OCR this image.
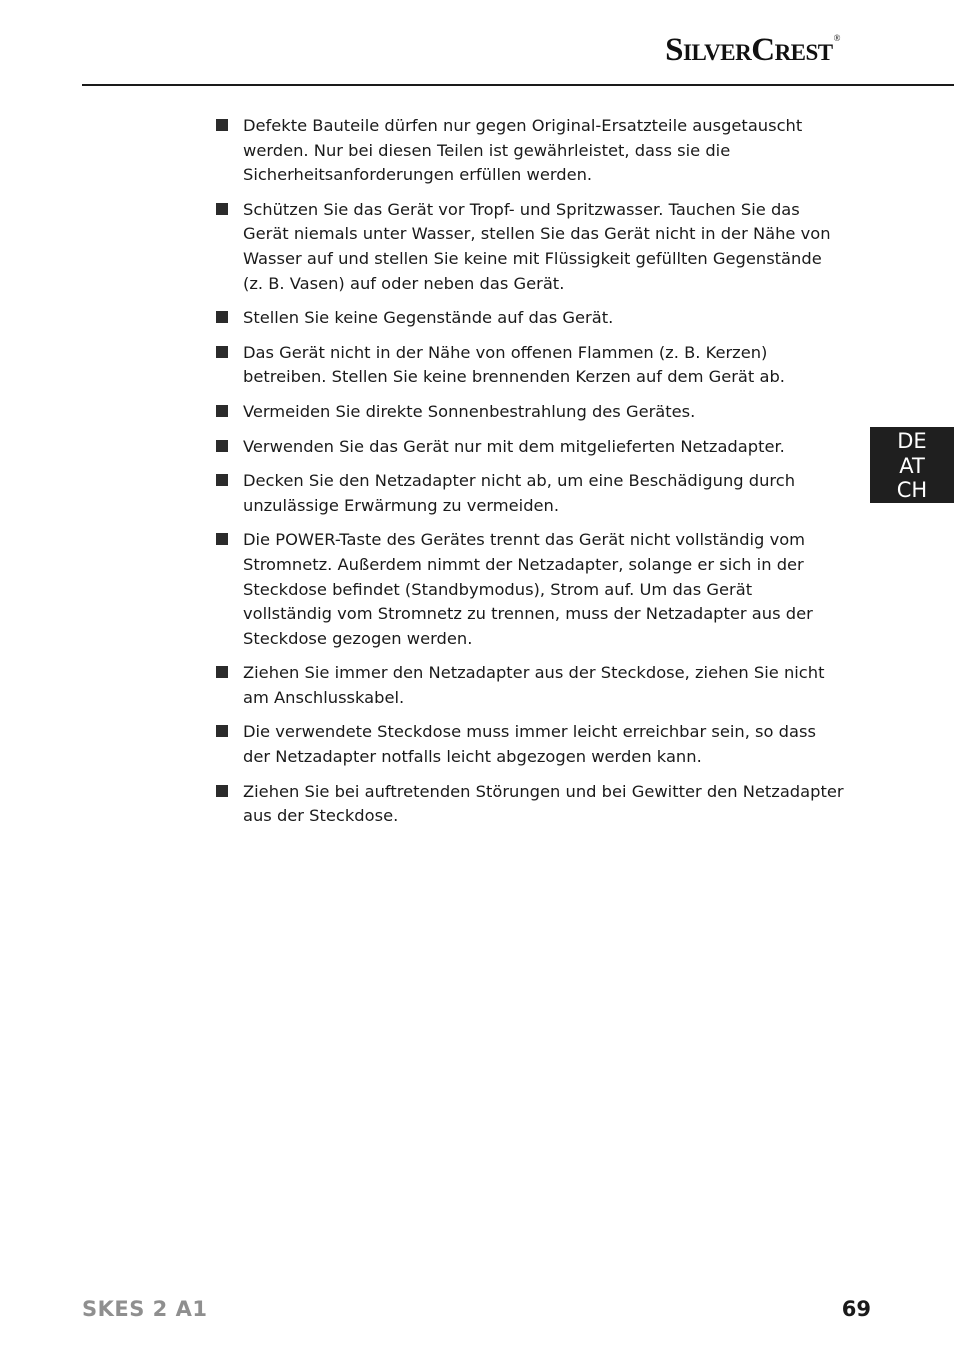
SilverCrest®
Defekte Bauteile dürfen nur gegen Original-Ersatzteile ausgetauscht werden. Nur bei diesen Teilen ist gewährleistet, dass sie die Sicherheitsanforderungen erfüllen werden.
Schützen Sie das Gerät vor Tropf- und Spritzwasser. Tauchen Sie das Gerät niemals unter Wasser, stellen Sie das Gerät nicht in der Nähe von Wasser auf und stellen Sie keine mit Flüssigkeit gefüllten Gegenstände (z. B. Vasen) auf oder neben das Gerät.
Stellen Sie keine Gegenstände auf das Gerät.
Das Gerät nicht in der Nähe von offenen Flammen (z. B. Kerzen) betreiben. Stellen Sie keine brennenden Kerzen auf dem Gerät ab.
Vermeiden Sie direkte Sonnenbestrahlung des Gerätes.
Verwenden Sie das Gerät nur mit dem mitgelieferten Netzadapter.
Decken Sie den Netzadapter nicht ab, um eine Beschädigung durch unzulässige Erwärmung zu vermeiden.
Die POWER-Taste des Gerätes trennt das Gerät nicht vollständig vom Stromnetz. Außerdem nimmt der Netzadapter, solange er sich in der Steckdose befindet (Standbymodus), Strom auf. Um das Gerät vollständig vom Stromnetz zu trennen, muss der Netzadapter aus der Steckdose gezogen werden.
Ziehen Sie immer den Netzadapter aus der Steckdose, ziehen Sie nicht am Anschlusskabel.
Die verwendete Steckdose muss immer leicht erreichbar sein, so dass der Netzadapter notfalls leicht abgezogen werden kann.
Ziehen Sie bei auftretenden Störungen und bei Gewitter den Netzadapter aus der Steckdose.
DE
AT
CH
SKES 2 A1	69
